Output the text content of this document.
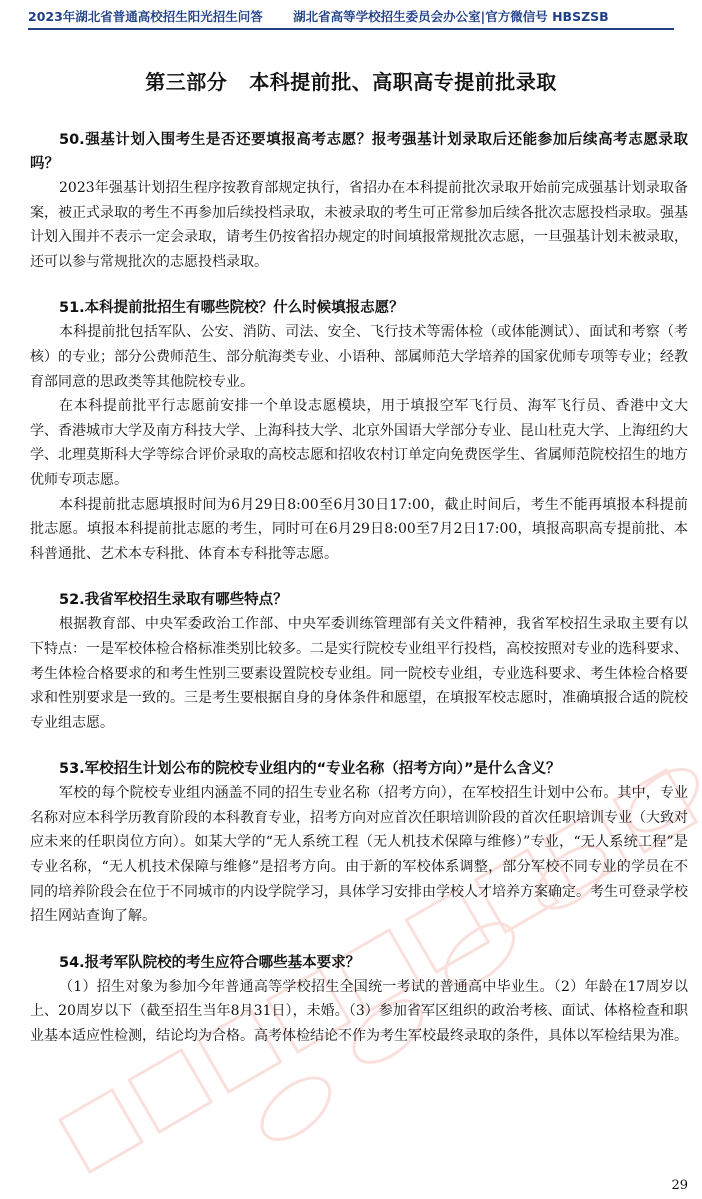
2023年湖北省普通高校招生阳光招生问答 湖北省高等学校招生委员会办公室|官方微信号 HBSZSB
第三部分 本科提前批、高职高专提前批录取

50.强基计划入围考生是否还要填报高考志愿？报考强基计划录取后还能参加后续高考志愿录取吗？

2023年强基计划招生程序按教育部规定执行，省招办在本科提前批次录取开始前完成强基计划录取备案，被正式录取的考生不再参加后续投档录取，未被录取的考生可正常参加后续各批次志愿投档录取。强基计划入围并不表示一定会录取，请考生仍按省招办规定的时间填报常规批次志愿，一旦强基计划未被录取，还可以参与常规批次的志愿投档录取。

51.本科提前批招生有哪些院校？什么时候填报志愿？

本科提前批包括军队、公安、消防、司法、安全、飞行技术等需体检（或体能测试）、面试和考察（考核）的专业；部分公费师范生、部分航海类专业、小语种、部属师范大学培养的国家优师专项等专业；经教育部同意的思政类等其他院校专业。

在本科提前批平行志愿前安排一个单设志愿模块，用于填报空军飞行员、海军飞行员、香港中文大学、香港城市大学及南方科技大学、上海科技大学、北京外国语大学部分专业、昆山杜克大学、上海纽约大学、北理莫斯科大学等综合评价录取的高校志愿和招收农村订单定向免费医学生、省属师范院校招生的地方优师专项志愿。

本科提前批志愿填报时间为6月29日8:00至6月30日17:00，截止时间后，考生不能再填报本科提前批志愿。填报本科提前批志愿的考生，同时可在6月29日8:00至7月2日17:00，填报高职高专提前批、本科普通批、艺术本专科批、体育本专科批等志愿。

52.我省军校招生录取有哪些特点？

根据教育部、中央军委政治工作部、中央军委训练管理部有关文件精神，我省军校招生录取主要有以下特点：一是军校体检合格标准类别比较多。二是实行院校专业组平行投档，高校按照对专业的选科要求、考生体检合格要求的和考生性别三要素设置院校专业组。同一院校专业组，专业选科要求、考生体检合格要求和性别要求是一致的。三是考生要根据自身的身体条件和愿望，在填报军校志愿时，准确填报合适的院校专业组志愿。

53.军校招生计划公布的院校专业组内的“专业名称（招考方向）”是什么含义？

军校的每个院校专业组内涵盖不同的招生专业名称（招考方向），在军校招生计划中公布。其中，专业名称对应本科学历教育阶段的本科教育专业，招考方向对应首次任职培训阶段的首次任职培训专业（大致对应未来的任职岗位方向）。如某大学的“无人系统工程（无人机技术保障与维修）”专业，“无人系统工程”是专业名称，“无人机技术保障与维修”是招考方向。由于新的军校体系调整，部分军校不同专业的学员在不同的培养阶段会在位于不同城市的内设学院学习，具体学习安排由学校人才培养方案确定。考生可登录学校招生网站查询了解。

54.报考军队院校的考生应符合哪些基本要求？

（1）招生对象为参加今年普通高等学校招生全国统一考试的普通高中毕业生。（2）年龄在17周岁以上、20周岁以下（截至招生当年8月31日），未婚。（3）参加省军区组织的政治考核、面试、体格检查和职业基本适应性检测，结论均为合格。高考体检结论不作为考生军校最终录取的条件，具体以军检结果为准。

29
